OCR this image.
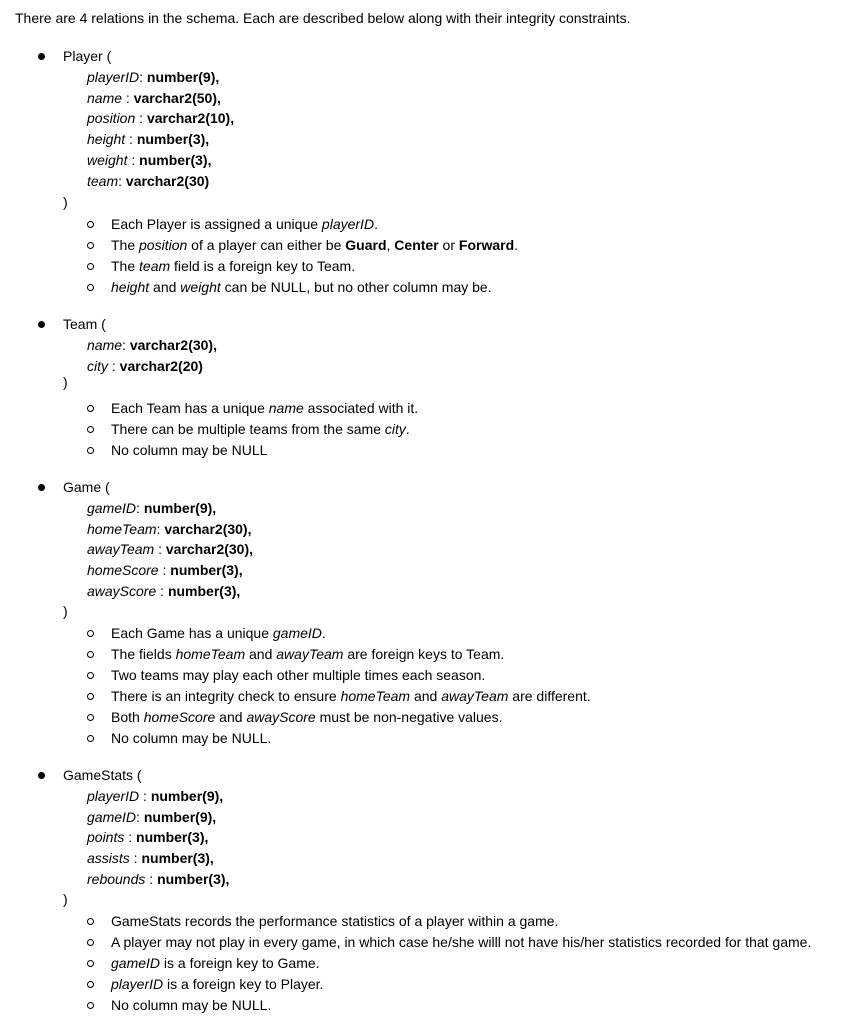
There are 4 relations in the schema. Each are described below along with their integrity constraints.
Player (
playerID: number(9),
name : varchar2(50),
position : varchar2(10),
height : number(3),
weight : number(3),
team: varchar2(30)
)
Each Player is assigned a unique playerID.
The position of a player can either be Guard, Center or Forward.
The team field is a foreign key to Team.
height and weight can be NULL, but no other column may be.
Team (
name: varchar2(30),
city : varchar2(20)
)
Each Team has a unique name associated with it.
There can be multiple teams from the same city.
No column may be NULL
Game (
gameID: number(9),
homeTeam: varchar2(30),
awayTeam : varchar2(30),
homeScore : number(3),
awayScore : number(3),
)
Each Game has a unique gameID.
The fields homeTeam and awayTeam are foreign keys to Team.
Two teams may play each other multiple times each season.
There is an integrity check to ensure homeTeam and awayTeam are different.
Both homeScore and awayScore must be non-negative values.
No column may be NULL.
GameStats (
playerID : number(9),
gameID: number(9),
points : number(3),
assists : number(3),
rebounds : number(3),
)
GameStats records the performance statistics of a player within a game.
A player may not play in every game, in which case he/she willl not have his/her statistics recorded for that game.
gameID is a foreign key to Game.
playerID is a foreign key to Player.
No column may be NULL.
